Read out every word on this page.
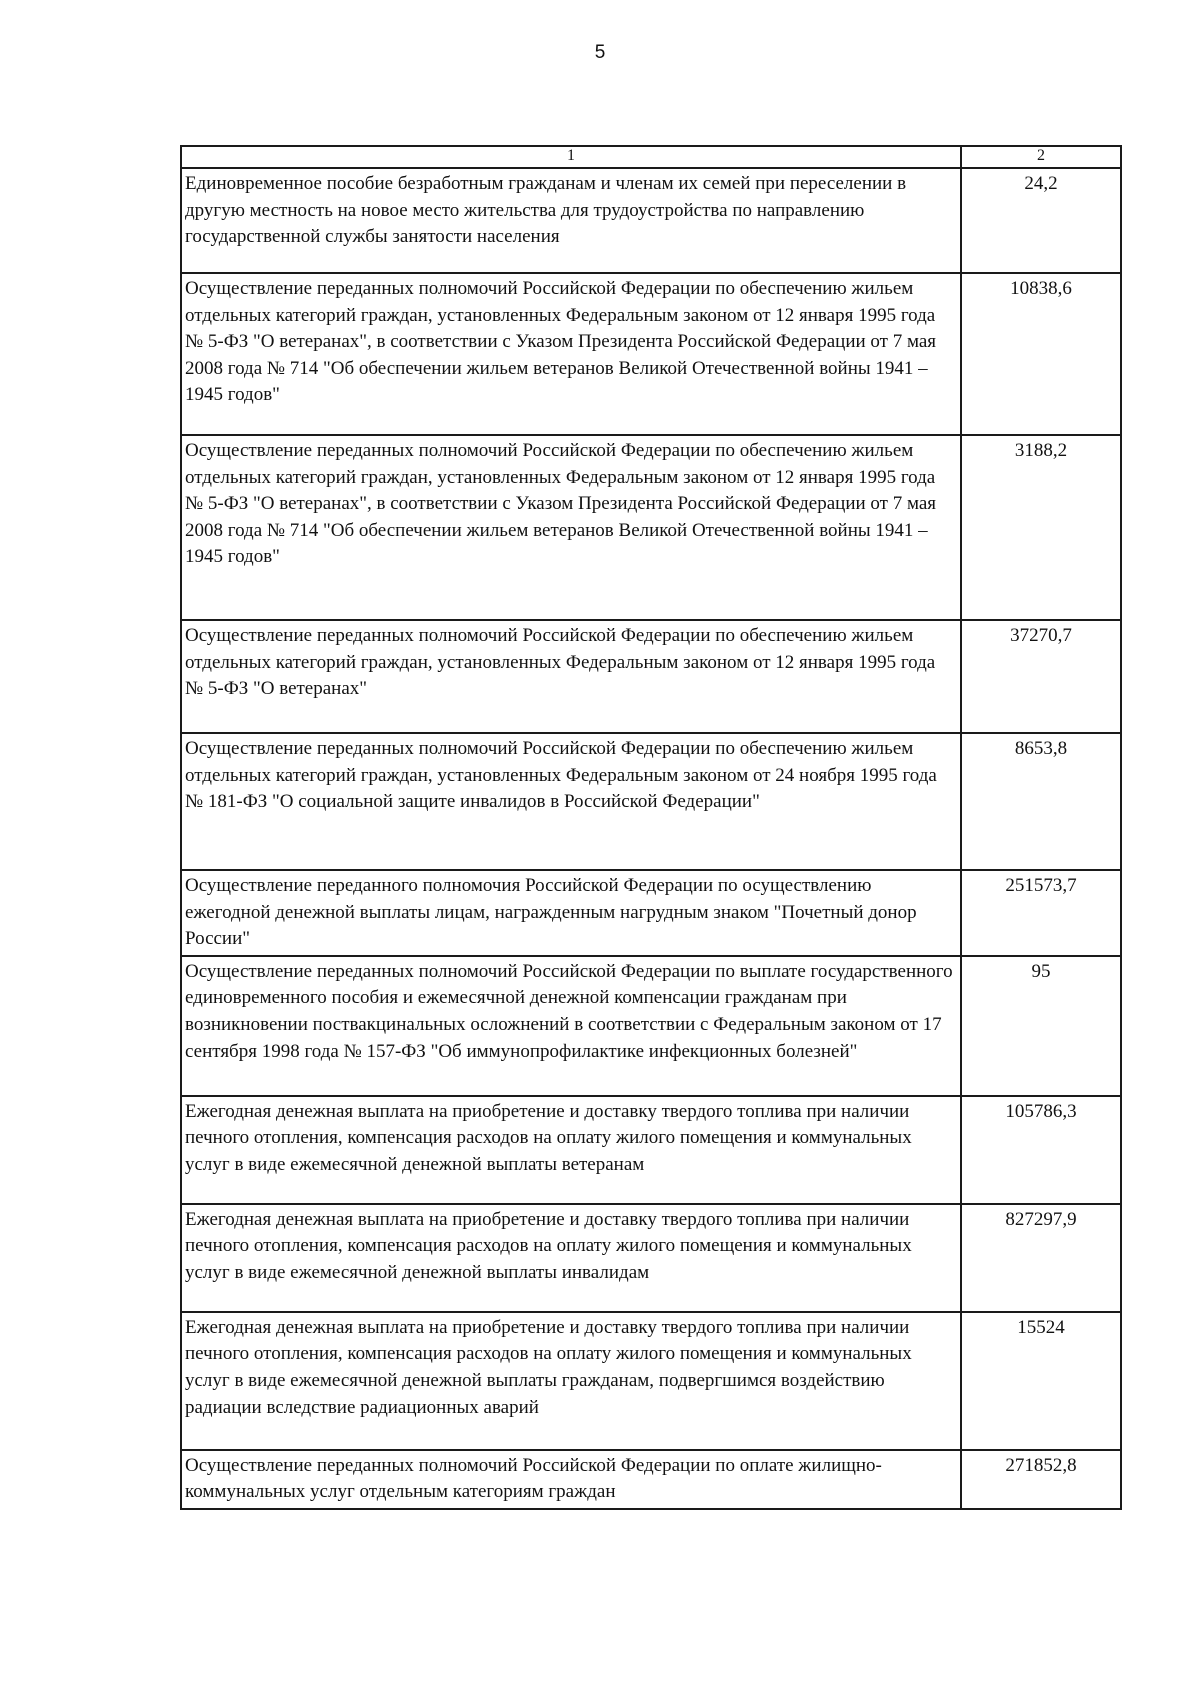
5
1	2
Единовременное пособие безработным гражданам и членам их семей при переселении в другую местность на новое место жительства для трудоустройства по направлению государственной службы занятости населения	24,2
Осуществление переданных полномочий Российской Федерации по обеспечению жильем отдельных категорий граждан, установленных Федеральным законом от 12 января 1995 года № 5-ФЗ "О ветеранах", в соответствии с Указом Президента Российской Федерации от 7 мая 2008 года № 714 "Об обеспечении жильем ветеранов Великой Отечественной войны 1941 – 1945 годов"	10838,6
Осуществление переданных полномочий Российской Федерации по обеспечению жильем отдельных категорий граждан, установленных Федеральным законом от 12 января 1995 года № 5-ФЗ "О ветеранах", в соответствии с Указом Президента Российской Федерации от 7 мая 2008 года № 714 "Об обеспечении жильем ветеранов Великой Отечественной войны 1941 – 1945 годов"	3188,2
Осуществление переданных полномочий Российской Федерации по обеспечению жильем отдельных категорий граждан, установленных Федеральным законом от 12 января 1995 года № 5-ФЗ "О ветеранах"	37270,7
Осуществление переданных полномочий Российской Федерации по обеспечению жильем отдельных категорий граждан, установленных Федеральным законом от 24 ноября 1995 года № 181-ФЗ "О социальной защите инвалидов в Российской Федерации"	8653,8
Осуществление переданного полномочия Российской Федерации по осуществлению ежегодной денежной выплаты лицам, награжденным нагрудным знаком "Почетный донор России"	251573,7
Осуществление переданных полномочий Российской Федерации по выплате государственного единовременного пособия и ежемесячной денежной компенсации гражданам при возникновении поствакцинальных осложнений в соответствии с Федеральным законом от 17 сентября 1998 года № 157-ФЗ "Об иммунопрофилактике инфекционных болезней"	95
Ежегодная денежная выплата на приобретение и доставку твердого топлива при наличии печного отопления, компенсация расходов на оплату жилого помещения и коммунальных услуг в виде ежемесячной денежной выплаты ветеранам	105786,3
Ежегодная денежная выплата на приобретение и доставку твердого топлива при наличии печного отопления, компенсация расходов на оплату жилого помещения и коммунальных услуг в виде ежемесячной денежной выплаты инвалидам	827297,9
Ежегодная денежная выплата на приобретение и доставку твердого топлива при наличии печного отопления, компенсация расходов на оплату жилого помещения и коммунальных услуг в виде ежемесячной денежной выплаты гражданам, подвергшимся воздействию радиации вследствие радиационных аварий	15524
Осуществление переданных полномочий Российской Федерации по оплате жилищно-коммунальных услуг отдельным категориям граждан	271852,8
